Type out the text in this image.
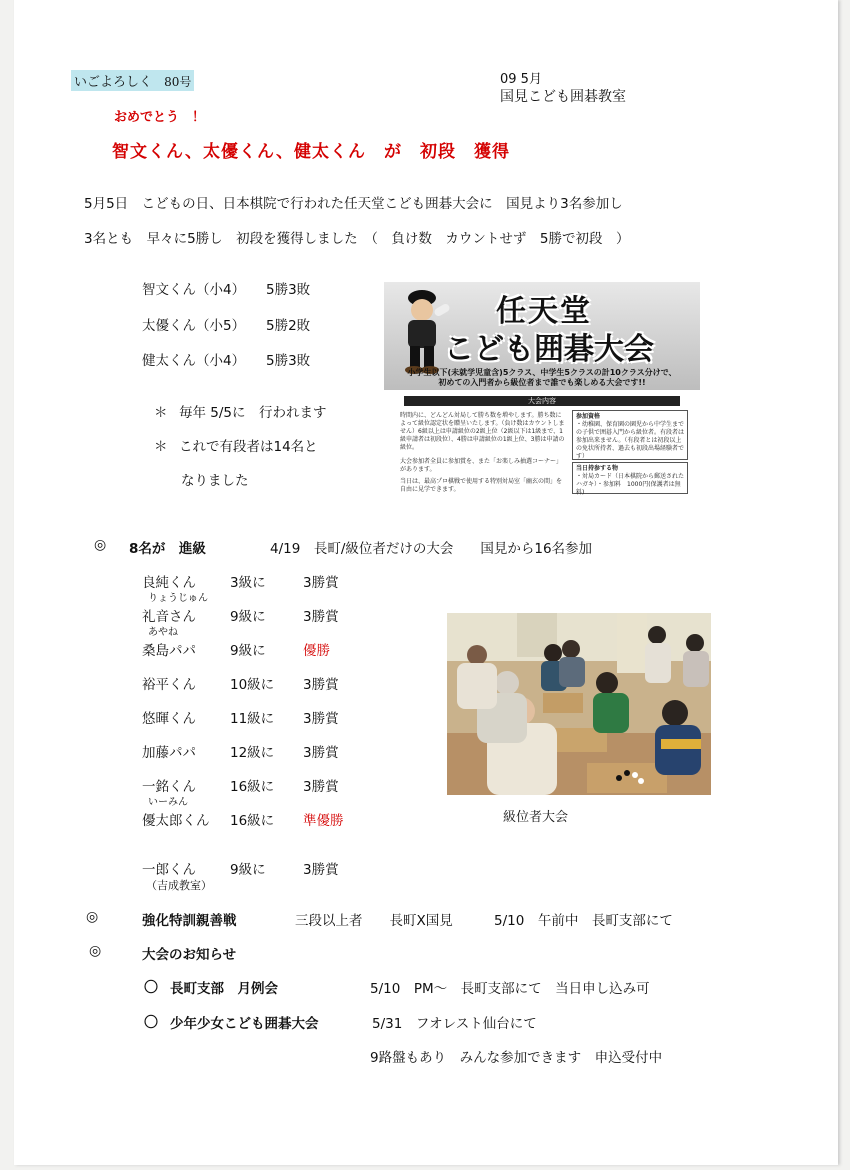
いごよろしく 80号	09 5月
国見こども囲碁教室
おめでとう　！
智文くん、太優くん、健太くん　が　初段　獲得
5月5日　こどもの日、日本棋院で行われた任天堂こども囲碁大会に　国見より3名参加し
3名とも　早々に5勝し　初段を獲得しました　（　負け数　カウントせず　5勝で初段　）
智文くん（小4） 5勝3敗
太優くん（小5） 5勝2敗
健太くん（小4） 5勝3敗
＊ 毎年 5/5に　行われます
＊ これで有段者は14名と
なりました
任天堂
こども囲碁大会
小学生以下(未就学児童含)5クラス、中学生5クラスの計10クラス分けで、
初めての入門者から級位者まで誰でも楽しめる大会です!!
大会内容
時間内に、どんどん対局して勝ち数を増やします。勝ち数によって級位認定状を贈呈いたします。（負け数はカウントしません）6級以上は申請級位の2級上位（2級以下は1級まで、1級申請者は初段位）、4勝は申請級位の1級上位、3勝は申請の級位。
大会参加者全員に参加賞を、また「お楽しみ抽選コーナー」があります。
当日は、最高プロ棋戦で使用する特別対局室「幽玄の間」を自由に見学できます。
参加資格
・幼稚園、保育園の園児から中学生までの子供で囲碁入門から級位者。有段者は参加出来ません。（有段者とは初段以上の免状所持者、過去も初段出場経験者です）
当日持参する物
・対局カード（日本棋院から郵送されたハガキ）・参加料　1000円(保護者は無料)
◎ 8名が　進級	4/19　長町/級位者だけの大会　　国見から16名参加
良純くん	3級に	3勝賞
りょうじゅん
礼音さん	9級に	3勝賞
あやね
桑島パパ	9級に	優勝
裕平くん	10級に 3勝賞
悠暉くん	11級に 3勝賞
加藤パパ	12級に 3勝賞
一銘くん	16級に 3勝賞
いーみん
優太郎くん 16級に 準優勝
一郎くん	9級に	3勝賞
（吉成教室）
級位者大会
◎	強化特訓親善戦	三段以上者　　長町X国見	5/10　午前中　長町支部にて
◎	大会のお知らせ
〇 長町支部　月例会	5/10　PM～　長町支部にて　当日申し込み可
〇 少年少女こども囲碁大会	5/31　フオレスト仙台にて
9路盤もあり　みんな参加できます　申込受付中
